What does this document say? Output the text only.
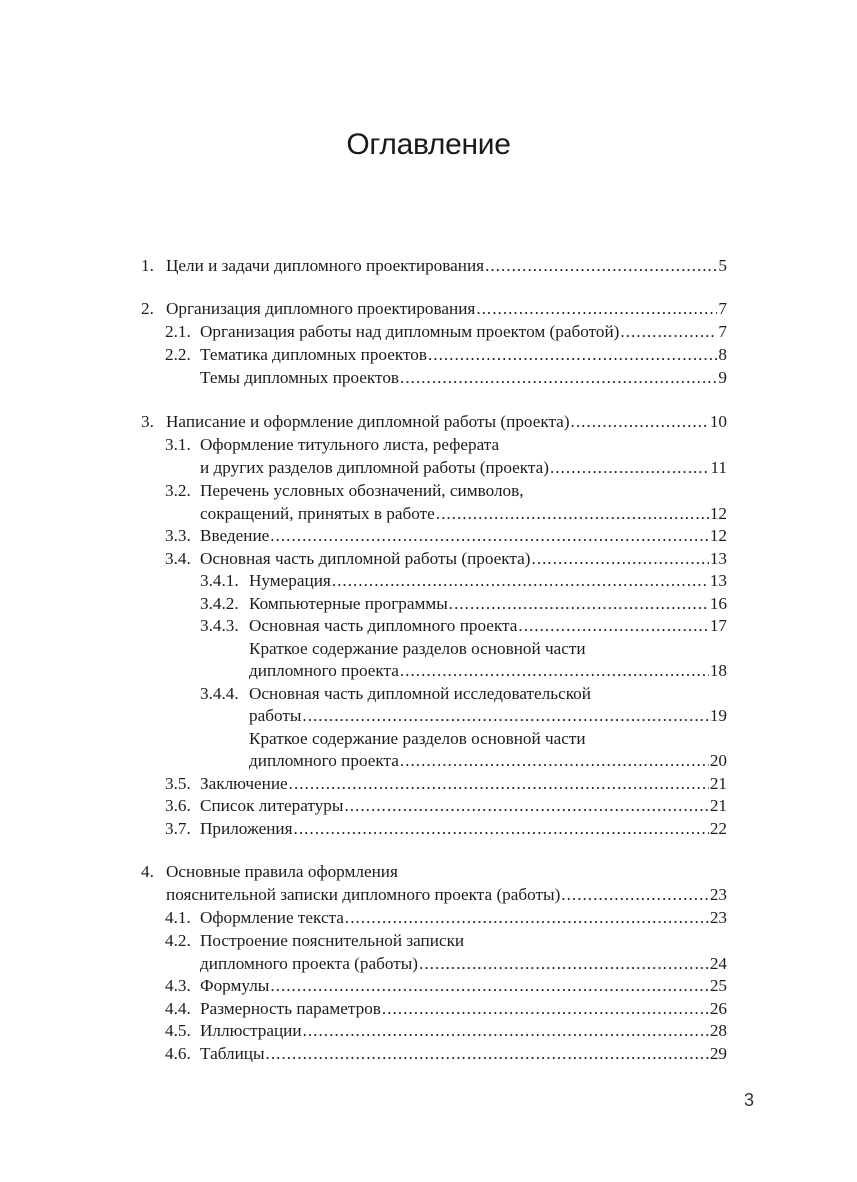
Оглавление
1. Цели и задачи дипломного проектирования .....	5
2. Организация дипломного проектирования .....	7
2.1. Организация работы над дипломным проектом (работой) .....	7
2.2. Тематика дипломных проектов .....	8
Темы дипломных проектов .....	9
3. Написание и оформление дипломной работы (проекта) .....	10
3.1. Оформление титульного листа, реферата
и других разделов дипломной работы (проекта) .....	11
3.2. Перечень условных обозначений, символов,
сокращений, принятых в работе .....	12
3.3. Введение .....	12
3.4. Основная часть дипломной работы (проекта) .....	13
3.4.1. Нумерация .....	13
3.4.2. Компьютерные программы .....	16
3.4.3. Основная часть дипломного проекта .....	17
Краткое содержание разделов основной части
дипломного проекта .....	18
3.4.4. Основная часть дипломной исследовательской
работы .....	19
Краткое содержание разделов основной части
дипломного проекта .....	20
3.5. Заключение .....	21
3.6. Список литературы .....	21
3.7. Приложения .....	22
4. Основные правила оформления
пояснительной записки дипломного проекта (работы) .....	23
4.1. Оформление текста .....	23
4.2. Построение пояснительной записки
дипломного проекта (работы) .....	24
4.3. Формулы .....	25
4.4. Размерность параметров .....	26
4.5. Иллюстрации .....	28
4.6. Таблицы .....	29
3
